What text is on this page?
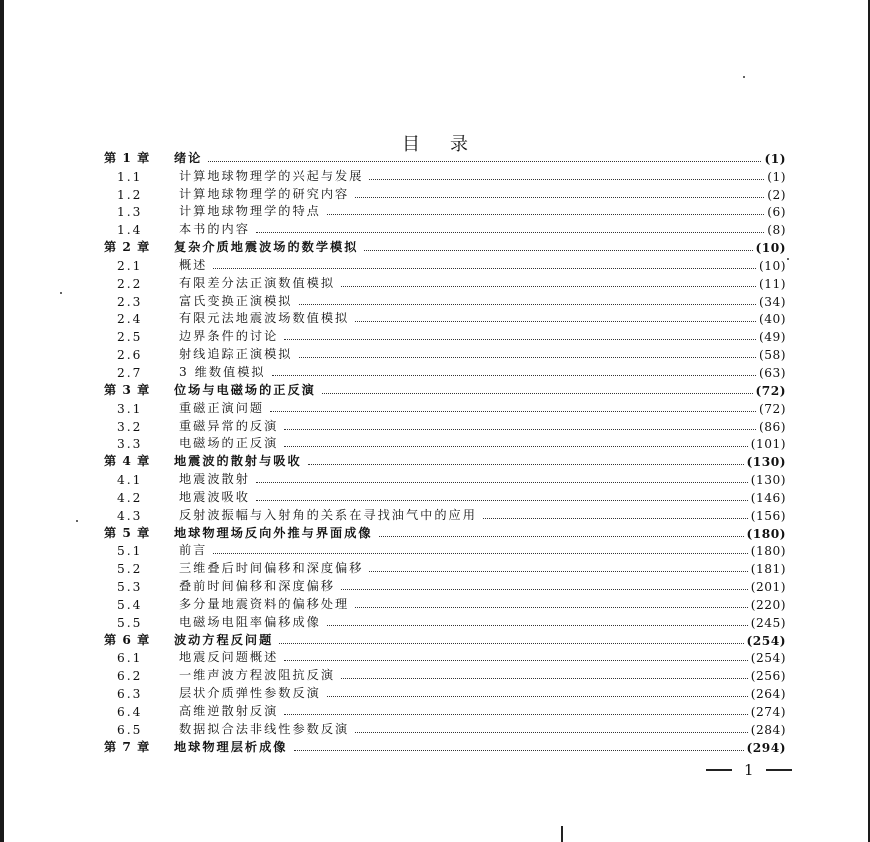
目录
第 1 章	绪论	(1)
1.1	计算地球物理学的兴起与发展	(1)
1.2	计算地球物理学的研究内容	(2)
1.3	计算地球物理学的特点	(6)
1.4	本书的内容	(8)
第 2 章	复杂介质地震波场的数学模拟	(10)
2.1	概述	(10)
2.2	有限差分法正演数值模拟	(11)
2.3	富氏变换正演模拟	(34)
2.4	有限元法地震波场数值模拟	(40)
2.5	边界条件的讨论	(49)
2.6	射线追踪正演模拟	(58)
2.7	3 维数值模拟	(63)
第 3 章	位场与电磁场的正反演	(72)
3.1	重磁正演问题	(72)
3.2	重磁异常的反演	(86)
3.3	电磁场的正反演	(101)
第 4 章	地震波的散射与吸收	(130)
4.1	地震波散射	(130)
4.2	地震波吸收	(146)
4.3	反射波振幅与入射角的关系在寻找油气中的应用	(156)
第 5 章	地球物理场反向外推与界面成像	(180)
5.1	前言	(180)
5.2	三维叠后时间偏移和深度偏移	(181)
5.3	叠前时间偏移和深度偏移	(201)
5.4	多分量地震资料的偏移处理	(220)
5.5	电磁场电阻率偏移成像	(245)
第 6 章	波动方程反问题	(254)
6.1	地震反问题概述	(254)
6.2	一维声波方程波阻抗反演	(256)
6.3	层状介质弹性参数反演	(264)
6.4	高维逆散射反演	(274)
6.5	数据拟合法非线性参数反演	(284)
第 7 章	地球物理层析成像	(294)
1
